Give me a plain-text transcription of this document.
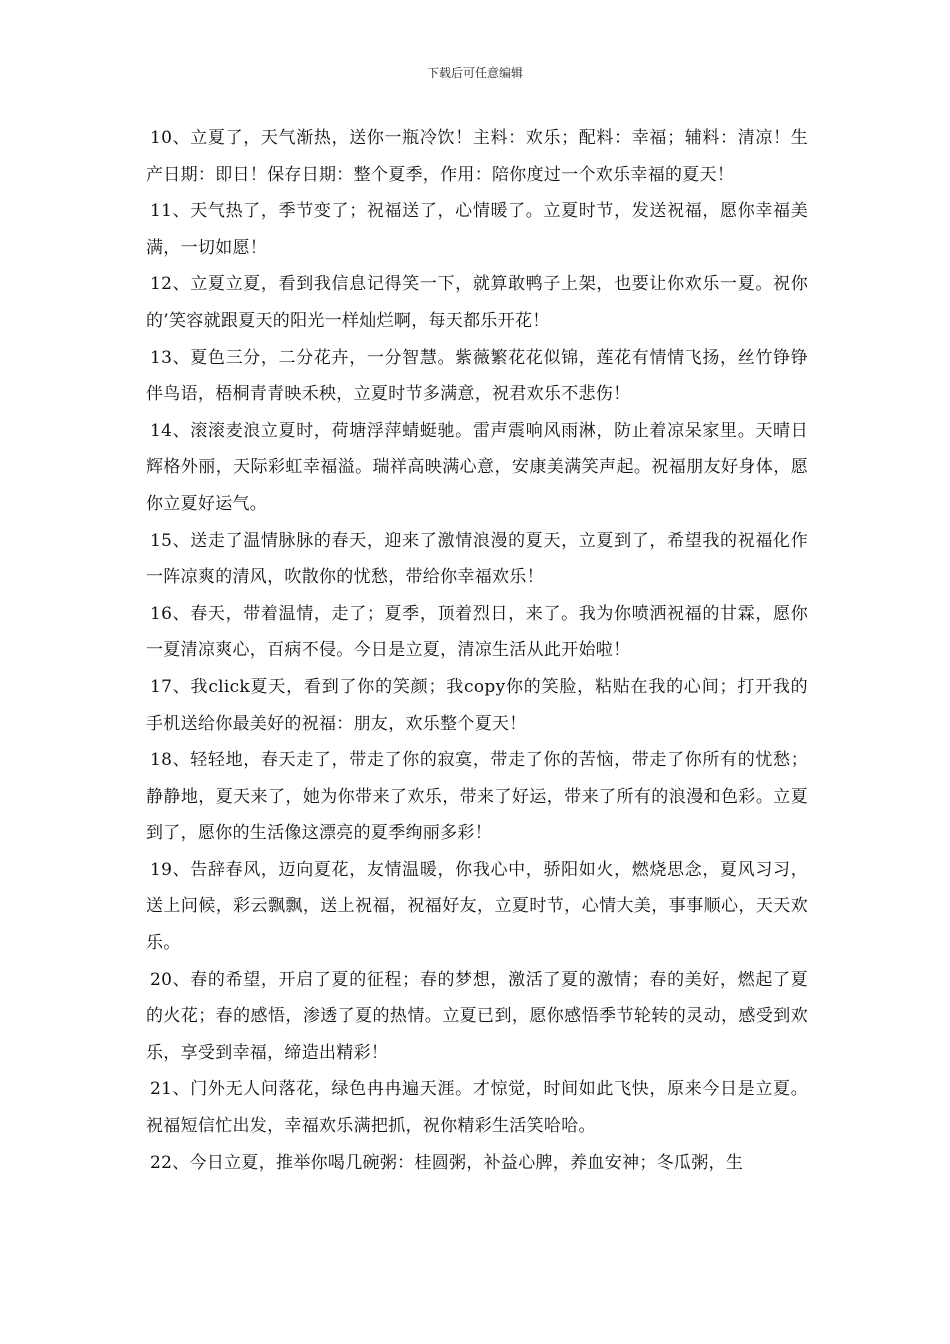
下载后可任意编辑

10、立夏了，天气渐热，送你一瓶冷饮！主料：欢乐；配料：幸福；辅料：清凉！生产日期：即日！保存日期：整个夏季，作用：陪你度过一个欢乐幸福的夏天！

11、天气热了，季节变了；祝福送了，心情暖了。立夏时节，发送祝福，愿你幸福美满，一切如愿！

12、立夏立夏，看到我信息记得笑一下，就算敢鸭子上架，也要让你欢乐一夏。祝你的’笑容就跟夏天的阳光一样灿烂啊，每天都乐开花！

13、夏色三分，二分花卉，一分智慧。紫薇繁花花似锦，莲花有情情飞扬，丝竹铮铮伴鸟语，梧桐青青映禾秧，立夏时节多满意，祝君欢乐不悲伤！

14、滚滚麦浪立夏时，荷塘浮萍蜻蜓驰。雷声震响风雨淋，防止着凉呆家里。天晴日辉格外丽，天际彩虹幸福溢。瑞祥高映满心意，安康美满笑声起。祝福朋友好身体，愿你立夏好运气。

15、送走了温情脉脉的春天，迎来了激情浪漫的夏天，立夏到了，希望我的祝福化作一阵凉爽的清风，吹散你的忧愁，带给你幸福欢乐！

16、春天，带着温情，走了；夏季，顶着烈日，来了。我为你喷洒祝福的甘霖，愿你一夏清凉爽心，百病不侵。今日是立夏，清凉生活从此开始啦！

17、我click夏天，看到了你的笑颜；我copy你的笑脸，粘贴在我的心间；打开我的手机送给你最美好的祝福：朋友，欢乐整个夏天！

18、轻轻地，春天走了，带走了你的寂寞，带走了你的苦恼，带走了你所有的忧愁；静静地，夏天来了，她为你带来了欢乐，带来了好运，带来了所有的浪漫和色彩。立夏到了，愿你的生活像这漂亮的夏季绚丽多彩！

19、告辞春风，迈向夏花，友情温暖，你我心中，骄阳如火，燃烧思念，夏风习习，送上问候，彩云飘飘，送上祝福，祝福好友，立夏时节，心情大美，事事顺心，天天欢乐。

20、春的希望，开启了夏的征程；春的梦想，激活了夏的激情；春的美好，燃起了夏的火花；春的感悟，渗透了夏的热情。立夏已到，愿你感悟季节轮转的灵动，感受到欢乐，享受到幸福，缔造出精彩！

21、门外无人问落花，绿色冉冉遍天涯。才惊觉，时间如此飞快，原来今日是立夏。祝福短信忙出发，幸福欢乐满把抓，祝你精彩生活笑哈哈。

22、今日立夏，推举你喝几碗粥：桂圆粥，补益心脾，养血安神；冬瓜粥，生
